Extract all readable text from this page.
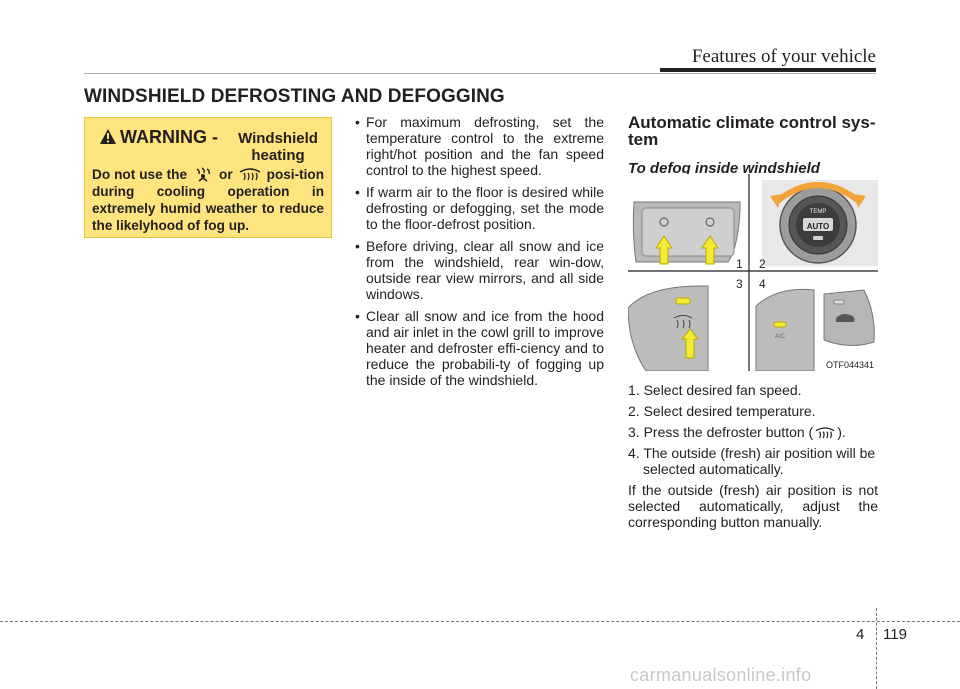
Features of your vehicle
WINDSHIELD DEFROSTING AND DEFOGGING
WARNING -	Windshield heating
Do not use the or	posi-tion during cooling operation in extremely humid weather to reduce the likelyhood of fog up.
• For maximum defrosting, set the temperature control to the extreme right/hot position and the fan speed control to the highest speed.
• If warm air to the floor is desired while defrosting or defogging, set the mode to the floor-defrost position.
• Before driving, clear all snow and ice from the windshield, rear win-dow, outside rear view mirrors, and all side windows.
• Clear all snow and ice from the hood and air inlet in the cowl grill to improve heater and defroster effi-ciency and to reduce the probabili-ty of fogging up the inside of the windshield.
Automatic climate control sys-tem
To defog inside windshield
AUTO
TEMP
1 2
3 4
A/C
OTF044341
1. Select desired fan speed.
2. Select desired temperature.
3. Press the defroster button ( ).
4. The outside (fresh) air position will be selected automatically.

If the outside (fresh) air position is not selected automatically, adjust the corresponding button manually.

4 119
carmanualsonline.info
